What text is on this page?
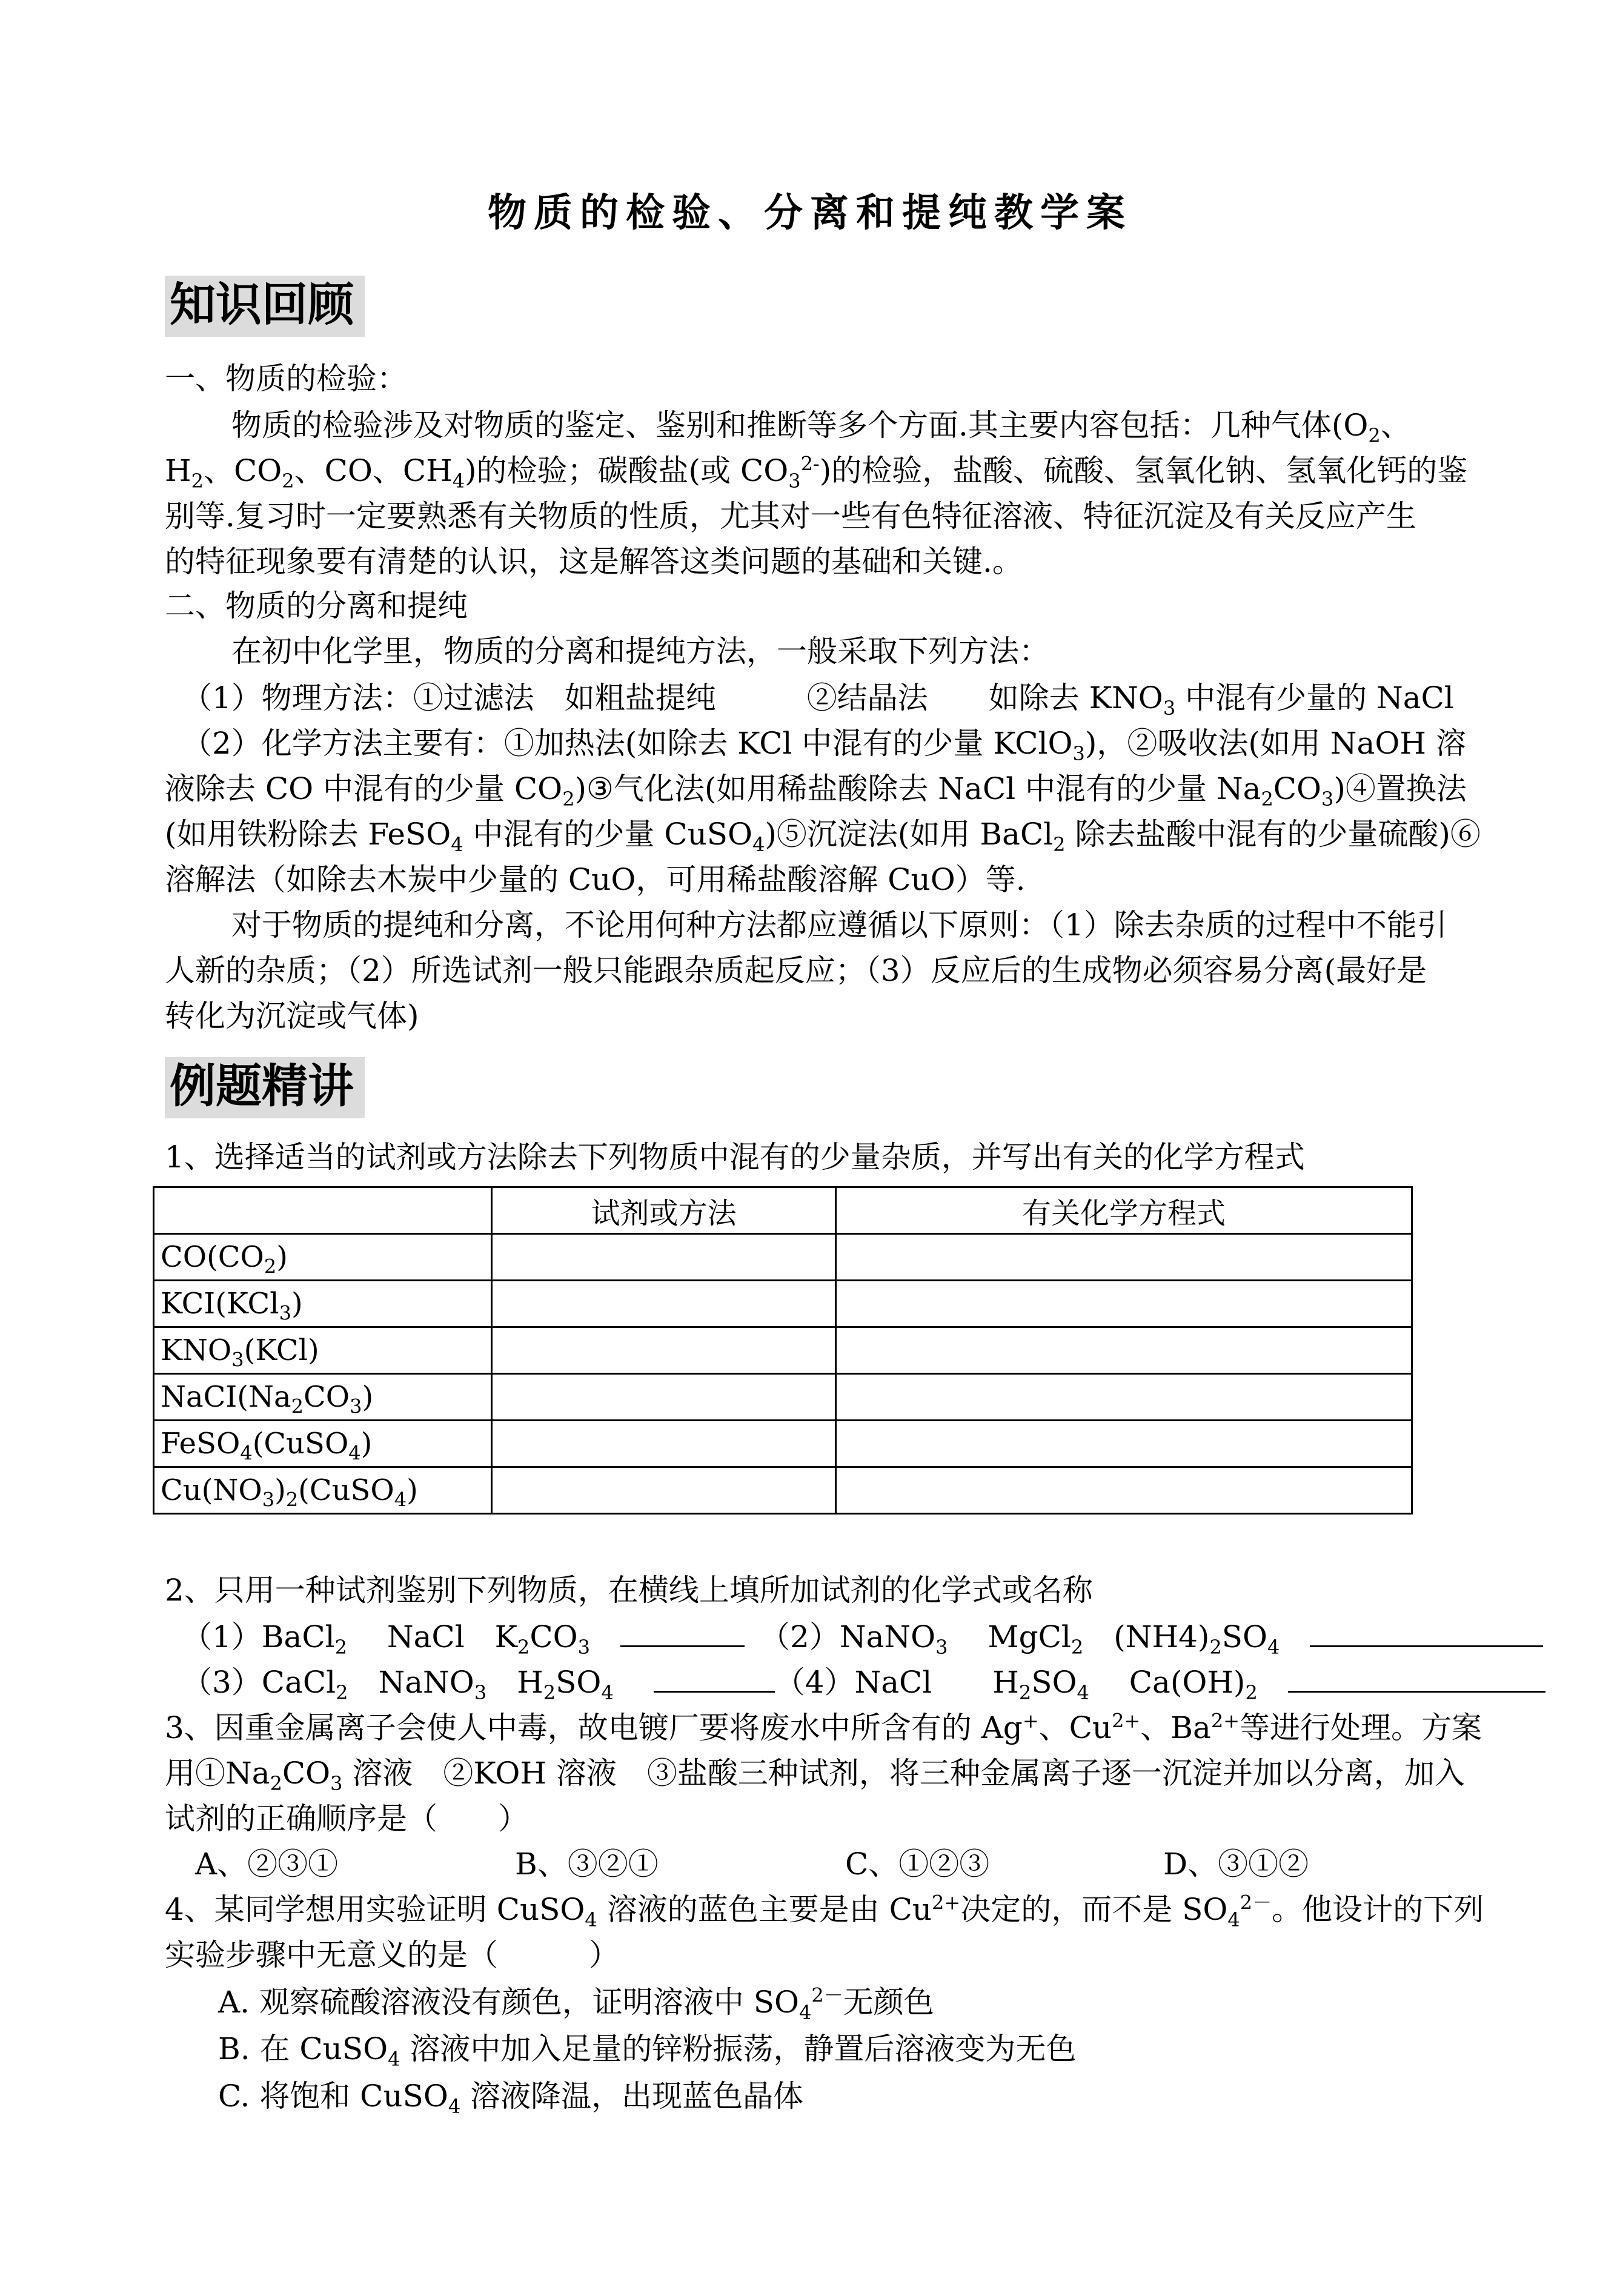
物质的检验、分离和提纯教学案
知识回顾
一、物质的检验：
物质的检验涉及对物质的鉴定、鉴别和推断等多个方面.其主要内容包括：几种气体($O_2$、
$H_2$、$CO_2$、CO、$CH_4$)的检验；碳酸盐(或 $CO_3^{2-}$)的检验，盐酸、硫酸、氢氧化钠、氢氧化钙的鉴
别等.复习时一定要熟悉有关物质的性质，尤其对一些有色特征溶液、特征沉淀及有关反应产生
的特征现象要有清楚的认识，这是解答这类问题的基础和关键.。
二、物质的分离和提纯
在初中化学里，物质的分离和提纯方法，一般采取下列方法：
（1）物理方法：①过滤法　如粗盐提纯　　　②结晶法　　如除去 $KNO_3$ 中混有少量的 NaCl
（2）化学方法主要有：①加热法(如除去 KCl 中混有的少量 KClO$_3$)，②吸收法(如用 NaOH 溶
液除去 CO 中混有的少量 $CO_2)③$气化法(如用稀盐酸除去 NaCl 中混有的少量 $Na_2CO_3)④$置换法
(如用铁粉除去 FeSO$_4$ 中混有的少量 CuSO$_4$)⑤沉淀法(如用 BaCl$_2$ 除去盐酸中混有的少量硫酸)⑥
溶解法（如除去木炭中少量的 CuO，可用稀盐酸溶解 CuO）等.
对于物质的提纯和分离，不论用何种方法都应遵循以下原则：（1）除去杂质的过程中不能引
人新的杂质；（2）所选试剂一般只能跟杂质起反应；（3）反应后的生成物必须容易分离(最好是
转化为沉淀或气体)
例题精讲
1、选择适当的试剂或方法除去下列物质中混有的少量杂质，并写出有关的化学方程式
	试剂或方法	有关化学方程式
$CO(CO_2)$		
KCI(KCl$_3$)		
$KNO_3(KCl)$		
$NaCI(Na_2CO_3)$		
FeSO$_4$(CuSO$_4$)		
$Cu(NO_3)_2(CuSO_4)$		
2、只用一种试剂鉴别下列物质，在横线上填所加试剂的化学式或名称
（1）BaCl$_2$　 NaCl　$K_2CO_3$　　	（2）NaNO$_3$　 MgCl$_2$　$(NH4)_2SO_4$　
（3）CaCl$_2$　NaNO$_3$　$H_2SO_4$　	（4）NaCl　　$H_2SO_4$　 $Ca(OH)_2$　
3、因重金属离子会使人中毒，故电镀厂要将废水中所含有的 Ag+、$Cu^{2+}$、$Ba^{2+}$等进行处理。方案
用$①Na_2CO_3$ 溶液　②KOH 溶液　③盐酸三种试剂，将三种金属离子逐一沉淀并加以分离，加入
试剂的正确顺序是（　　）
A、②③①	B、③②①	C、①②③	D、③①②
4、某同学想用实验证明 CuSO$_4$ 溶液的蓝色主要是由 $Cu^{2+}$决定的，而不是 $SO_4^{2-}$。他设计的下列
实验步骤中无意义的是（　　　）
A. 观察硫酸溶液没有颜色，证明溶液中 $SO_4^{2-}$无颜色
B. 在 CuSO$_4$ 溶液中加入足量的锌粉振荡，静置后溶液变为无色
C. 将饱和 CuSO$_4$ 溶液降温，出现蓝色晶体
